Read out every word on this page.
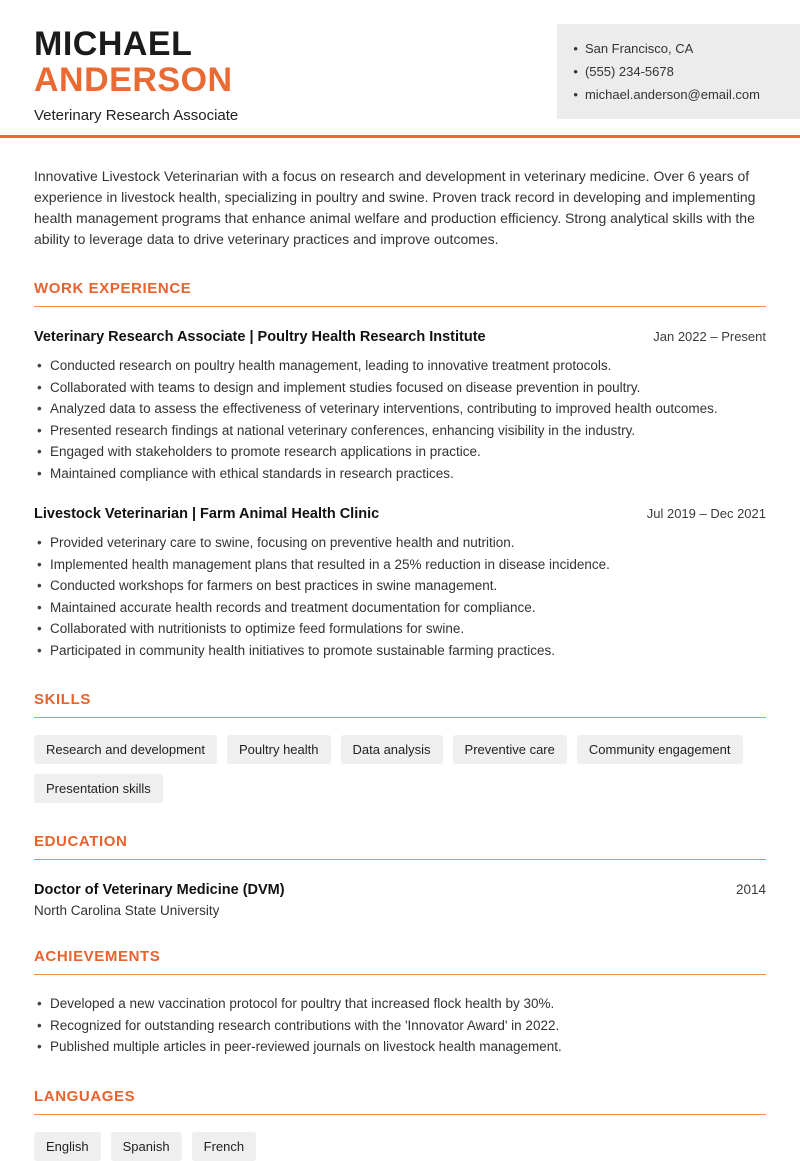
MICHAEL
ANDERSON
Veterinary Research Associate
• San Francisco, CA
• (555) 234-5678
• michael.anderson@email.com

Innovative Livestock Veterinarian with a focus on research and development in veterinary medicine. Over 6 years of experience in livestock health, specializing in poultry and swine. Proven track record in developing and implementing health management programs that enhance animal welfare and production efficiency. Strong analytical skills with the ability to leverage data to drive veterinary practices and improve outcomes.

WORK EXPERIENCE
Veterinary Research Associate | Poultry Health Research Institute	Jan 2022 – Present
• Conducted research on poultry health management, leading to innovative treatment protocols.
• Collaborated with teams to design and implement studies focused on disease prevention in poultry.
• Analyzed data to assess the effectiveness of veterinary interventions, contributing to improved health outcomes.
• Presented research findings at national veterinary conferences, enhancing visibility in the industry.
• Engaged with stakeholders to promote research applications in practice.
• Maintained compliance with ethical standards in research practices.
Livestock Veterinarian | Farm Animal Health Clinic	Jul 2019 – Dec 2021
• Provided veterinary care to swine, focusing on preventive health and nutrition.
• Implemented health management plans that resulted in a 25% reduction in disease incidence.
• Conducted workshops for farmers on best practices in swine management.
• Maintained accurate health records and treatment documentation for compliance.
• Collaborated with nutritionists to optimize feed formulations for swine.
• Participated in community health initiatives to promote sustainable farming practices.
SKILLS
Research and development	Poultry health	Data analysis	Preventive care	Community engagement
Presentation skills
EDUCATION
Doctor of Veterinary Medicine (DVM)	2014
North Carolina State University
ACHIEVEMENTS
• Developed a new vaccination protocol for poultry that increased flock health by 30%.
• Recognized for outstanding research contributions with the 'Innovator Award' in 2022.
• Published multiple articles in peer-reviewed journals on livestock health management.
LANGUAGES
English	Spanish	French
